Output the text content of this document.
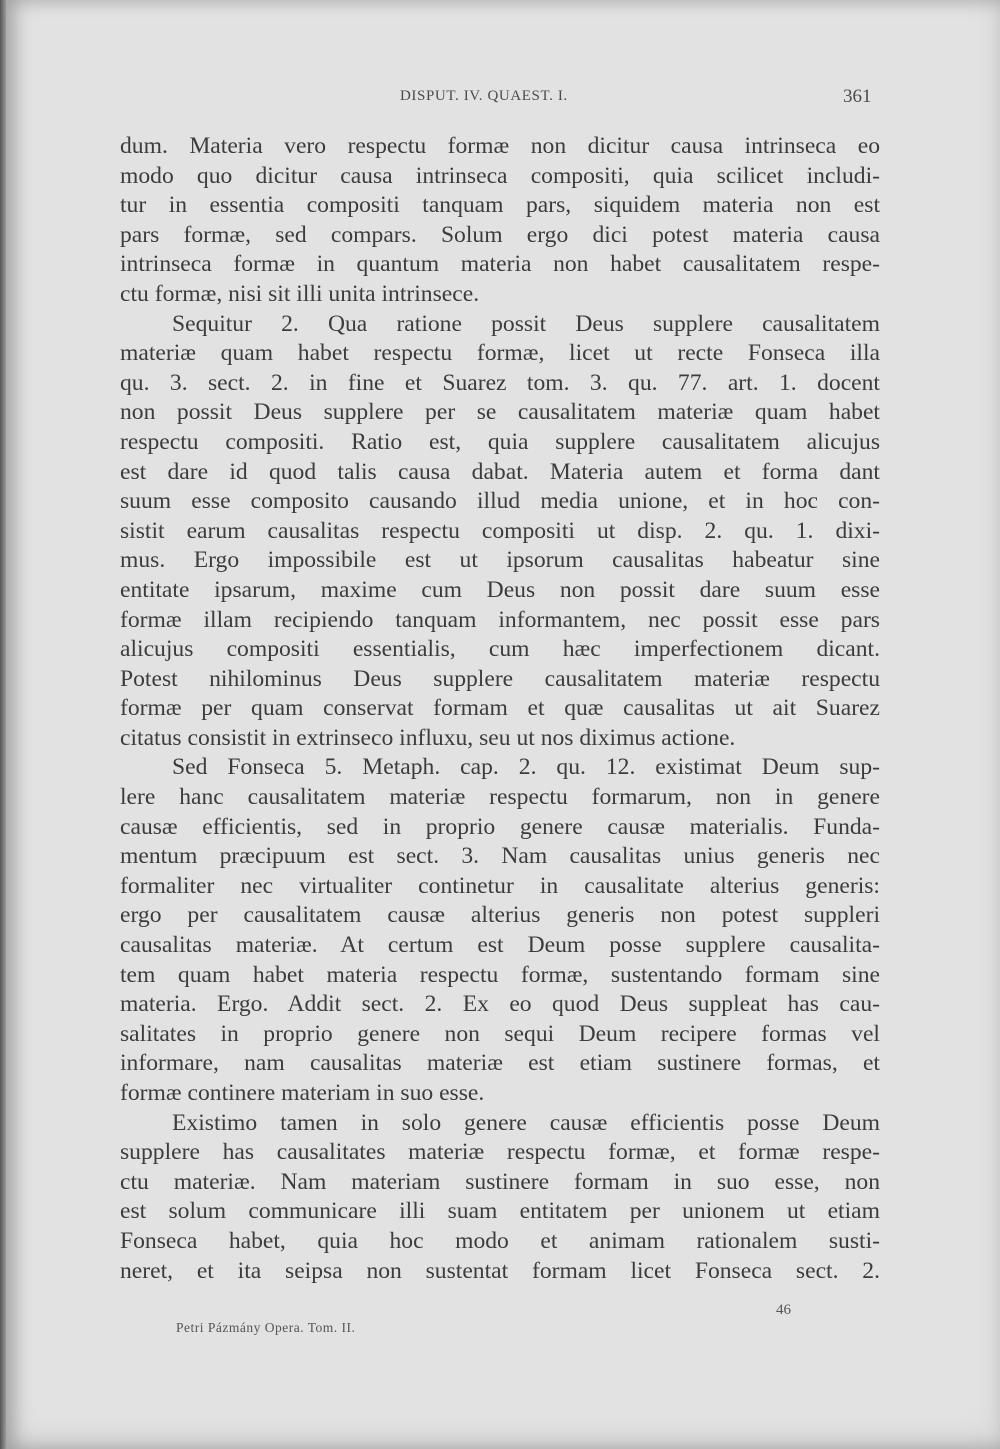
DISPUT. IV. QUAEST. I.	361
dum. Materia vero respectu formæ non dicitur causa intrinseca eo
modo quo dicitur causa intrinseca compositi, quia scilicet includi-
tur in essentia compositi tanquam pars, siquidem materia non est
pars formæ, sed compars. Solum ergo dici potest materia causa
intrinseca formæ in quantum materia non habet causalitatem respe-
ctu formæ, nisi sit illi unita intrinsece.
Sequitur 2. Qua ratione possit Deus supplere causalitatem
materiæ quam habet respectu formæ, licet ut recte Fonseca illa
qu. 3. sect. 2. in fine et Suarez tom. 3. qu. 77. art. 1. docent
non possit Deus supplere per se causalitatem materiæ quam habet
respectu compositi. Ratio est, quia supplere causalitatem alicujus
est dare id quod talis causa dabat. Materia autem et forma dant
suum esse composito causando illud media unione, et in hoc con-
sistit earum causalitas respectu compositi ut disp. 2. qu. 1. dixi-
mus. Ergo impossibile est ut ipsorum causalitas habeatur sine
entitate ipsarum, maxime cum Deus non possit dare suum esse
formæ illam recipiendo tanquam informantem, nec possit esse pars
alicujus compositi essentialis, cum hæc imperfectionem dicant.
Potest nihilominus Deus supplere causalitatem materiæ respectu
formæ per quam conservat formam et quæ causalitas ut ait Suarez
citatus consistit in extrinseco influxu, seu ut nos diximus actione.
Sed Fonseca 5. Metaph. cap. 2. qu. 12. existimat Deum sup-
lere hanc causalitatem materiæ respectu formarum, non in genere
causæ efficientis, sed in proprio genere causæ materialis. Funda-
mentum præcipuum est sect. 3. Nam causalitas unius generis nec
formaliter nec virtualiter continetur in causalitate alterius generis:
ergo per causalitatem causæ alterius generis non potest suppleri
causalitas materiæ. At certum est Deum posse supplere causalita-
tem quam habet materia respectu formæ, sustentando formam sine
materia. Ergo. Addit sect. 2. Ex eo quod Deus suppleat has cau-
salitates in proprio genere non sequi Deum recipere formas vel
informare, nam causalitas materiæ est etiam sustinere formas, et
formæ continere materiam in suo esse.
Existimo tamen in solo genere causæ efficientis posse Deum
supplere has causalitates materiæ respectu formæ, et formæ respe-
ctu materiæ. Nam materiam sustinere formam in suo esse, non
est solum communicare illi suam entitatem per unionem ut etiam
Fonseca habet, quia hoc modo et animam rationalem susti-
neret, et ita seipsa non sustentat formam licet Fonseca sect. 2.
46
Petri Pázmány Opera. Tom. II.
